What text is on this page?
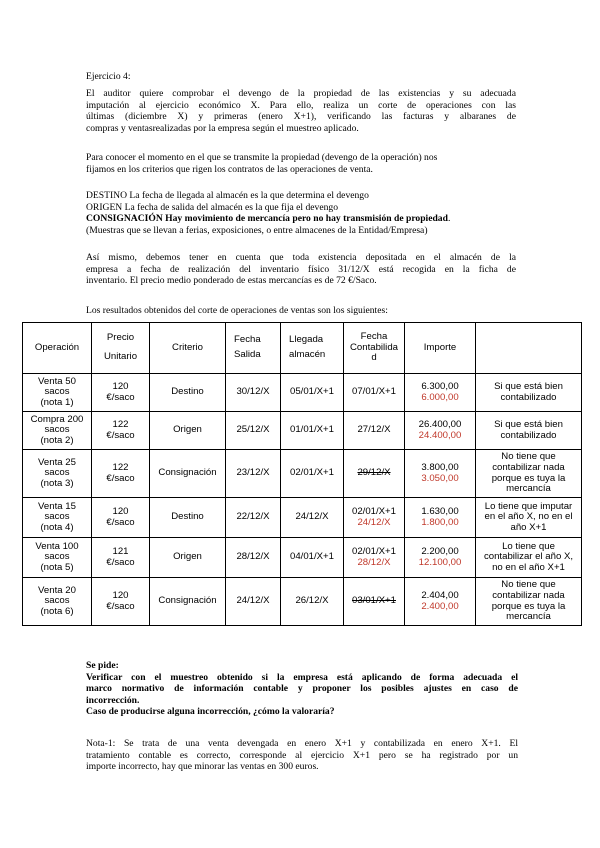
Ejercicio 4:

El auditor quiere comprobar el devengo de la propiedad de las existencias y su adecuada

imputación al ejercicio económico X. Para ello, realiza un corte de operaciones con las

últimas (diciembre X) y primeras (enero X+1), verificando las facturas y albaranes de

compras y ventasrealizadas por la empresa según el muestreo aplicado.

Para conocer el momento en el que se transmite la propiedad (devengo de la operación) nos

fijamos en los criterios que rigen los contratos de las operaciones de venta.

DESTINO La fecha de llegada al almacén es la que determina el devengo

ORIGEN La fecha de salida del almacén es la que fija el devengo

CONSIGNACIÓN Hay movimiento de mercancía pero no hay transmisión de propiedad.

(Muestras que se llevan a ferias, exposiciones, o entre almacenes de la Entidad/Empresa)

Así mismo, debemos tener en cuenta que toda existencia depositada en el almacén de la

empresa a fecha de realización del inventario físico 31/12/X está recogida en la ficha de

inventario. El precio medio ponderado de estas mercancías es de 72 €/Saco.

Los resultados obtenidos del corte de operaciones de ventas son los siguientes:

Operación	Precio
Unitario	Criterio	Fecha
Salida	Llegada
almacén	Fecha
Contabilida
d	Importe	

Venta 50
sacos
(nota 1)	120
€/saco	Destino	30/12/X	05/01/X+1	07/01/X+1	6.300,00
6.000,00	Si que está bien
contabilizado

Compra 200
sacos
(nota 2)	122
€/saco	Origen	25/12/X	01/01/X+1	27/12/X	26.400,00
24.400,00	Si que está bien
contabilizado

Venta 25
sacos
(nota 3)	122
€/saco	Consignación	23/12/X	02/01/X+1	29/12/X	3.800,00
3.050,00	No tiene que
contabilizar nada
porque es tuya la
mercancía

Venta 15
sacos
(nota 4)	120
€/saco	Destino	22/12/X	24/12/X	02/01/X+1
24/12/X	1.630,00
1.800,00	Lo tiene que imputar
en el año X, no en el
año X+1

Venta 100
sacos
(nota 5)	121
€/saco	Origen	28/12/X	04/01/X+1	02/01/X+1
28/12/X	2.200,00
12.100,00	Lo tiene que
contabilizar el año X,
no en el año X+1

Venta 20
sacos
(nota 6)	120
€/saco	Consignación	24/12/X	26/12/X	03/01/X+1	2.404,00
2.400,00	No tiene que
contabilizar nada
porque es tuya la
mercancía

Se pide:

Verificar con el muestreo obtenido si la empresa está aplicando de forma adecuada el

marco normativo de información contable y proponer los posibles ajustes en caso de

incorrección.

Caso de producirse alguna incorrección, ¿cómo la valoraría?

Nota-1: Se trata de una venta devengada en enero X+1 y contabilizada en enero X+1. El

tratamiento contable es correcto, corresponde al ejercicio X+1 pero se ha registrado por un

importe incorrecto, hay que minorar las ventas en 300 euros.
